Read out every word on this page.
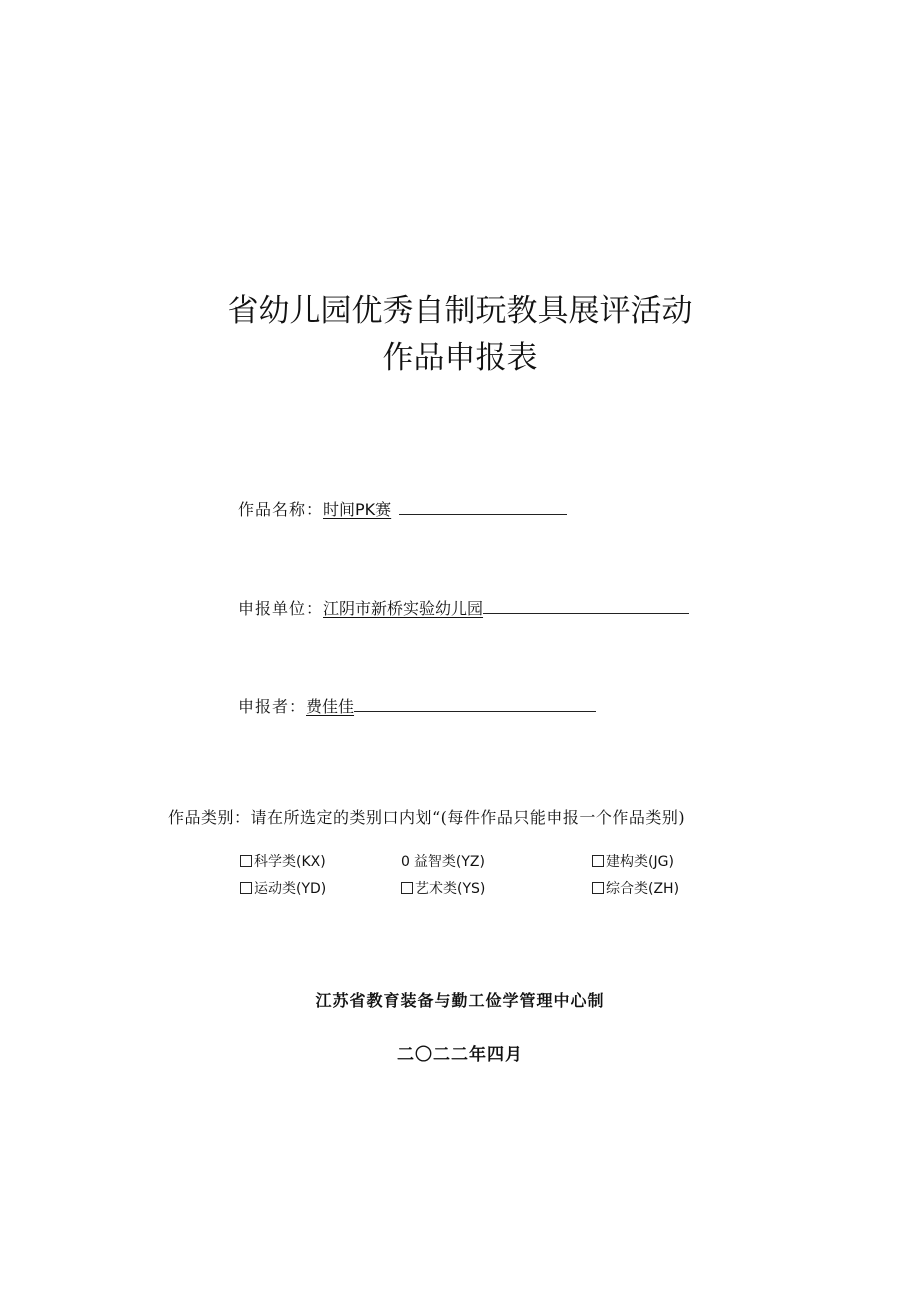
省幼儿园优秀自制玩教具展评活动
作品申报表
作品名称：时间PK赛
申报单位：江阴市新桥实验幼儿园
申报者：费佳佳
作品类别：请在所选定的类别口内划“(每件作品只能申报一个作品类别)
科学类(KX)	0 益智类(YZ)	建构类(JG)
运动类(YD)	艺术类(YS)	综合类(ZH)
江苏省教育装备与勤工俭学管理中心制
二〇二二年四月
